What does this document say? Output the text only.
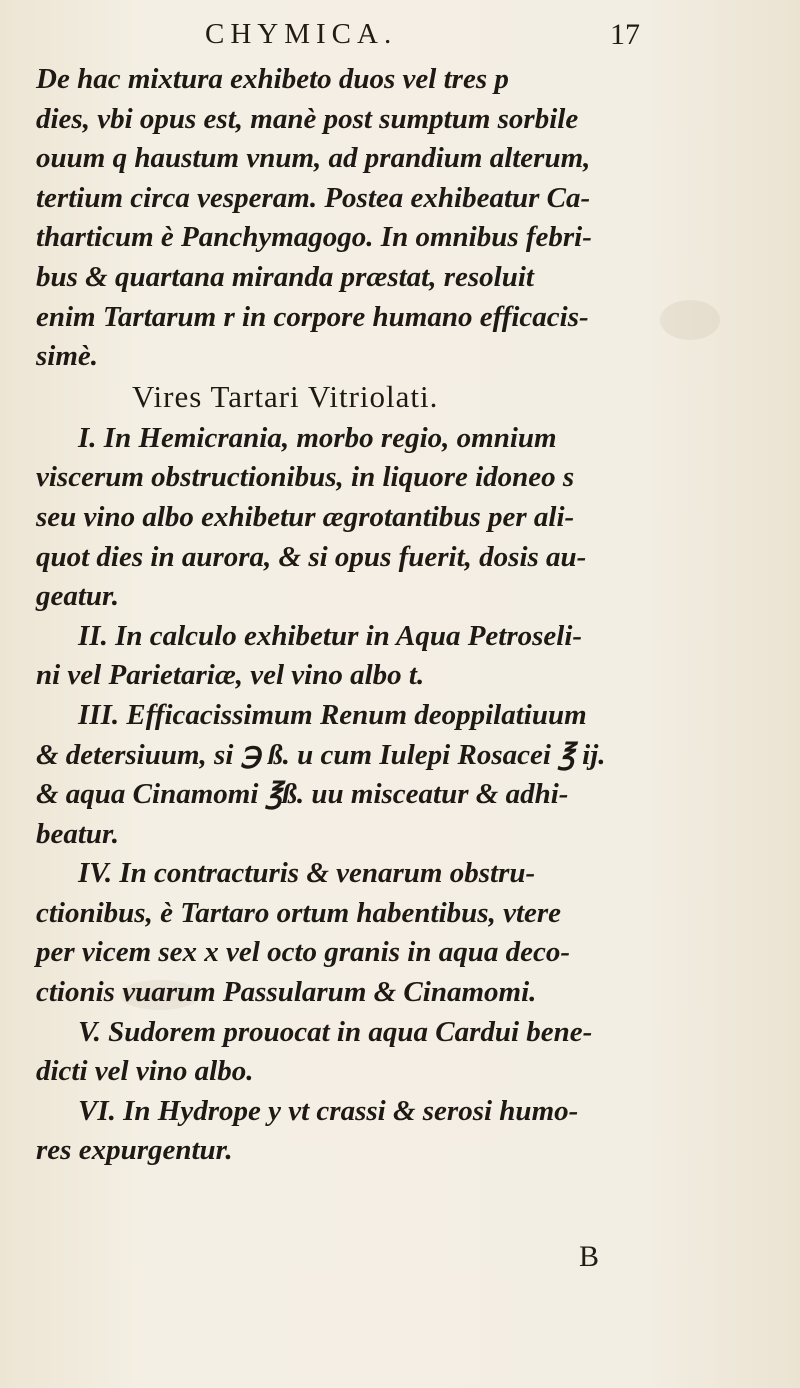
CHYMICA.	17
De hac mixtura exhibeto duos vel tres p
dies, vbi opus est, manè post sumptum sorbile
ouum q haustum vnum, ad prandium alterum,
tertium circa vesperam. Postea exhibeatur Ca-
tharticum è Panchymagogo. In omnibus febri-
bus & quartana miranda præstat, resoluit
enim Tartarum r in corpore humano efficacis-
simè.
Vires Tartari Vitriolati.
I. In Hemicrania, morbo regio, omnium
viscerum obstructionibus, in liquore idoneo s
seu vino albo exhibetur ægrotantibus per ali-
quot dies in aurora, & si opus fuerit, dosis au-
geatur.
II. In calculo exhibetur in Aqua Petroseli-
ni vel Parietariæ, vel vino albo t.
III. Efficacissimum Renum deoppilatiuum
& detersiuum, si ℈ ß. u cum Iulepi Rosacei ℥ ij.
& aqua Cinamomi ℥ß. uu misceatur & adhi-
beatur.
IV. In contracturis & venarum obstru-
ctionibus, è Tartaro ortum habentibus, vtere
per vicem sex x vel octo granis in aqua deco-
ctionis vuarum Passularum & Cinamomi.
V. Sudorem prouocat in aqua Cardui bene-
dicti vel vino albo.
VI. In Hydrope y vt crassi & serosi humo-
res expurgentur.
B
